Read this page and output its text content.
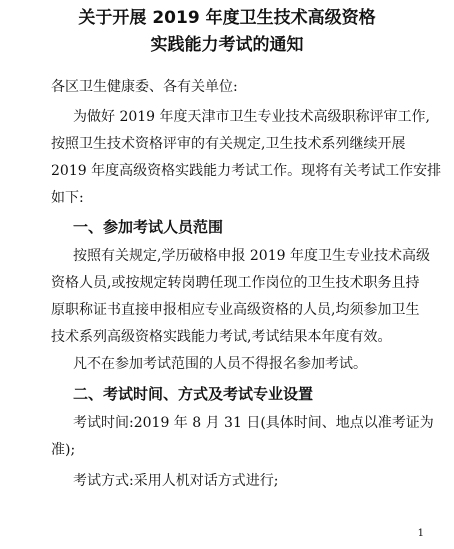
关于开展 2019 年度卫生技术高级资格
实践能力考试的通知
各区卫生健康委、各有关单位:
为做好 2019 年度天津市卫生专业技术高级职称评审工作,
按照卫生技术资格评审的有关规定,卫生技术系列继续开展
2019 年度高级资格实践能力考试工作。现将有关考试工作安排
如下:
一、参加考试人员范围
按照有关规定,学历破格申报 2019 年度卫生专业技术高级
资格人员,或按规定转岗聘任现工作岗位的卫生技术职务且持
原职称证书直接申报相应专业高级资格的人员,均须参加卫生
技术系列高级资格实践能力考试,考试结果本年度有效。
凡不在参加考试范围的人员不得报名参加考试。
二、考试时间、方式及考试专业设置
考试时间:2019 年 8 月 31 日(具体时间、地点以准考证为
准);
考试方式:采用人机对话方式进行;
1
